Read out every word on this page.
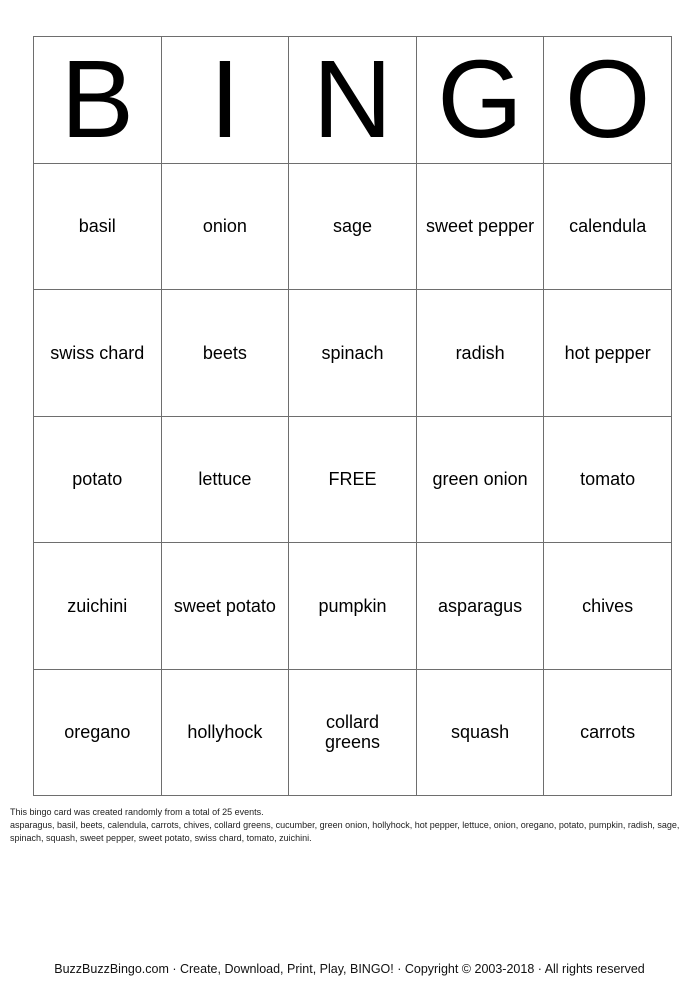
B	I	N	G	O
basil	onion	sage	sweet pepper	calendula
swiss chard	beets	spinach	radish	hot pepper
potato	lettuce	FREE	green onion	tomato
zuichini	sweet potato	pumpkin	asparagus	chives
oregano	hollyhock	collard greens	squash	carrots
This bingo card was created randomly from a total of 25 events.
asparagus, basil, beets, calendula, carrots, chives, collard greens, cucumber, green onion, hollyhock, hot pepper, lettuce, onion, oregano, potato, pumpkin, radish, sage, spinach, squash, sweet pepper, sweet potato, swiss chard, tomato, zuichini.
BuzzBuzzBingo.com · Create, Download, Print, Play, BINGO! · Copyright © 2003-2018 · All rights reserved
